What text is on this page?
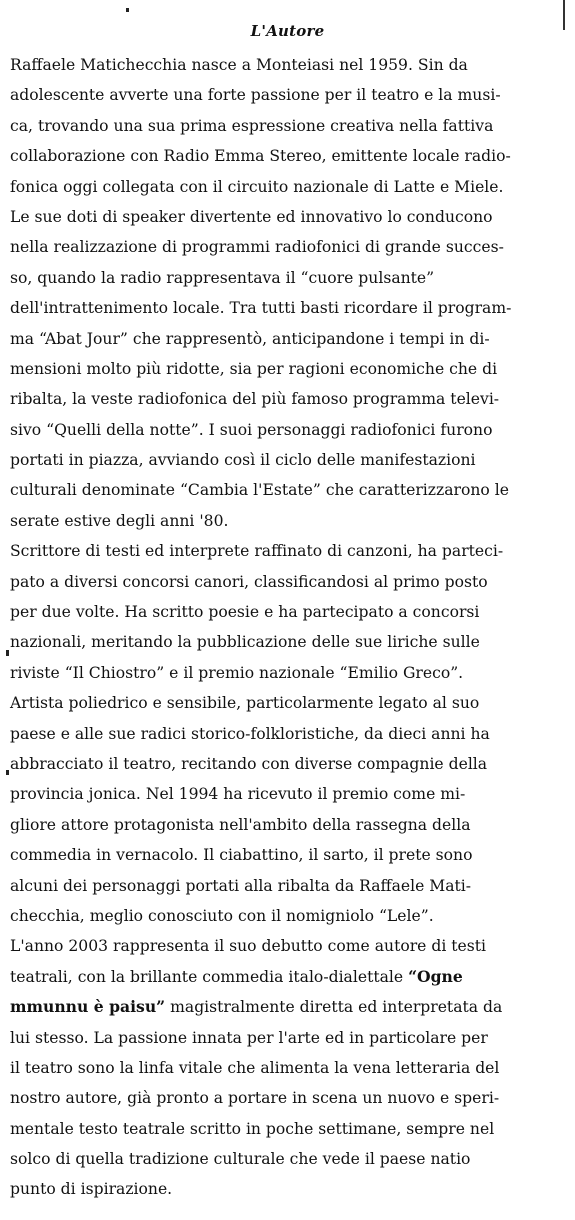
L'Autore
Raffaele Matichecchia nasce a Monteiasi nel 1959. Sin da
adolescente avverte una forte passione per il teatro e la musi-
ca, trovando una sua prima espressione creativa nella fattiva
collaborazione con Radio Emma Stereo, emittente locale radio-
fonica oggi collegata con il circuito nazionale di Latte e Miele.
Le sue doti di speaker divertente ed innovativo lo conducono
nella realizzazione di programmi radiofonici di grande succes-
so, quando la radio rappresentava il “cuore pulsante”
dell'intrattenimento locale. Tra tutti basti ricordare il program-
ma “Abat Jour” che rappresentò, anticipandone i tempi in di-
mensioni molto più ridotte, sia per ragioni economiche che di
ribalta, la veste radiofonica del più famoso programma televi-
sivo “Quelli della notte”. I suoi personaggi radiofonici furono
portati in piazza, avviando così il ciclo delle manifestazioni
culturali denominate “Cambia l'Estate” che caratterizzarono le
serate estive degli anni '80.
Scrittore di testi ed interprete raffinato di canzoni, ha parteci-
pato a diversi concorsi canori, classificandosi al primo posto
per due volte. Ha scritto poesie e ha partecipato a concorsi
nazionali, meritando la pubblicazione delle sue liriche sulle
riviste “Il Chiostro” e il premio nazionale “Emilio Greco”.
Artista poliedrico e sensibile, particolarmente legato al suo
paese e alle sue radici storico-folkloristiche, da dieci anni ha
abbracciato il teatro, recitando con diverse compagnie della
provincia jonica. Nel 1994 ha ricevuto il premio come mi-
gliore attore protagonista nell'ambito della rassegna della
commedia in vernacolo. Il ciabattino, il sarto, il prete sono
alcuni dei personaggi portati alla ribalta da Raffaele Mati-
checchia, meglio conosciuto con il nomigniolo “Lele”.
L'anno 2003 rappresenta il suo debutto come autore di testi
teatrali, con la brillante commedia italo-dialettale “Ogne
mmunnu è paisu” magistralmente diretta ed interpretata da
lui stesso. La passione innata per l'arte ed in particolare per
il teatro sono la linfa vitale che alimenta la vena letteraria del
nostro autore, già pronto a portare in scena un nuovo e speri-
mentale testo teatrale scritto in poche settimane, sempre nel
solco di quella tradizione culturale che vede il paese natio
punto di ispirazione.
